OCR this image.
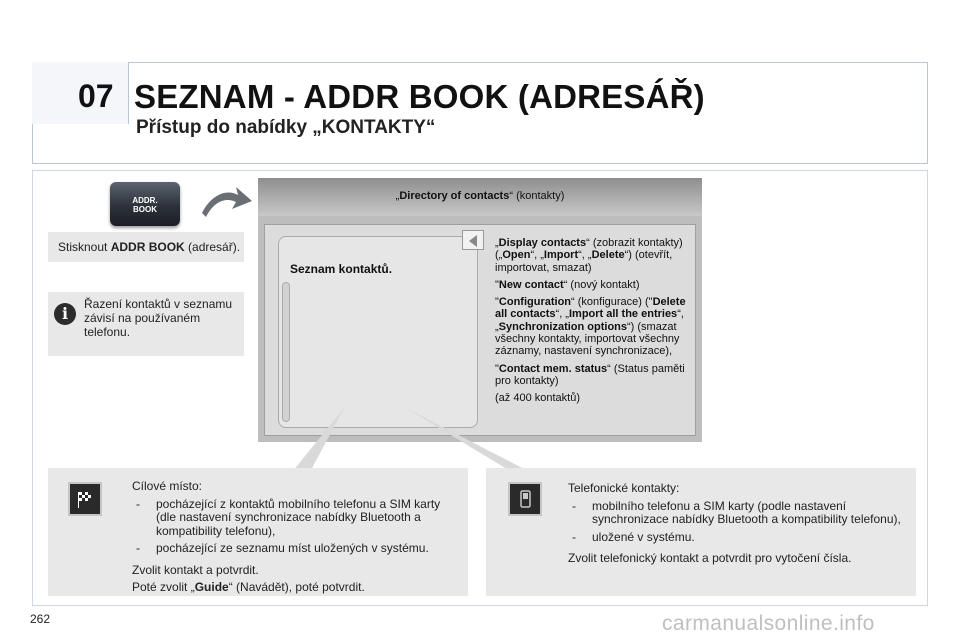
07 SEZNAM - ADDR BOOK (ADRESÁŘ)
Přístup do nabídky „KONTAKTY“
ADDR.
BOOK
Stisknout ADDR BOOK (adresář).
i	Řazení kontaktů v seznamu závisí na používaném telefonu.
„Directory of contacts“ (kontakty)
Seznam kontaktů.

„Display contacts“ (zobrazit kontakty) („Open“, „Import“, „Delete“) (otevřít, importovat, smazat)

"New contact“ (nový kontakt)

"Configuration“ (konfigurace) ("Delete all contacts“, „Import all the entries“, „Synchronization options“) (smazat všechny kontakty, importovat všechny záznamy, nastavení synchronizace),

"Contact mem. status“ (Status paměti pro kontakty)

(až 400 kontaktů)

Cílové místo:
- pocházející z kontaktů mobilního telefonu a SIM karty (dle nastavení synchronizace nabídky Bluetooth a kompatibility telefonu),
- pocházející ze seznamu míst uložených v systému.

Zvolit kontakt a potvrdit.

Poté zvolit „Guide“ (Navádět), poté potvrdit.

Telefonické kontakty:
- mobilního telefonu a SIM karty (podle nastavení synchronizace nabídky Bluetooth a kompatibility telefonu),
- uložené v systému.

Zvolit telefonický kontakt a potvrdit pro vytočení čísla.

262	carmanualsonline.info
